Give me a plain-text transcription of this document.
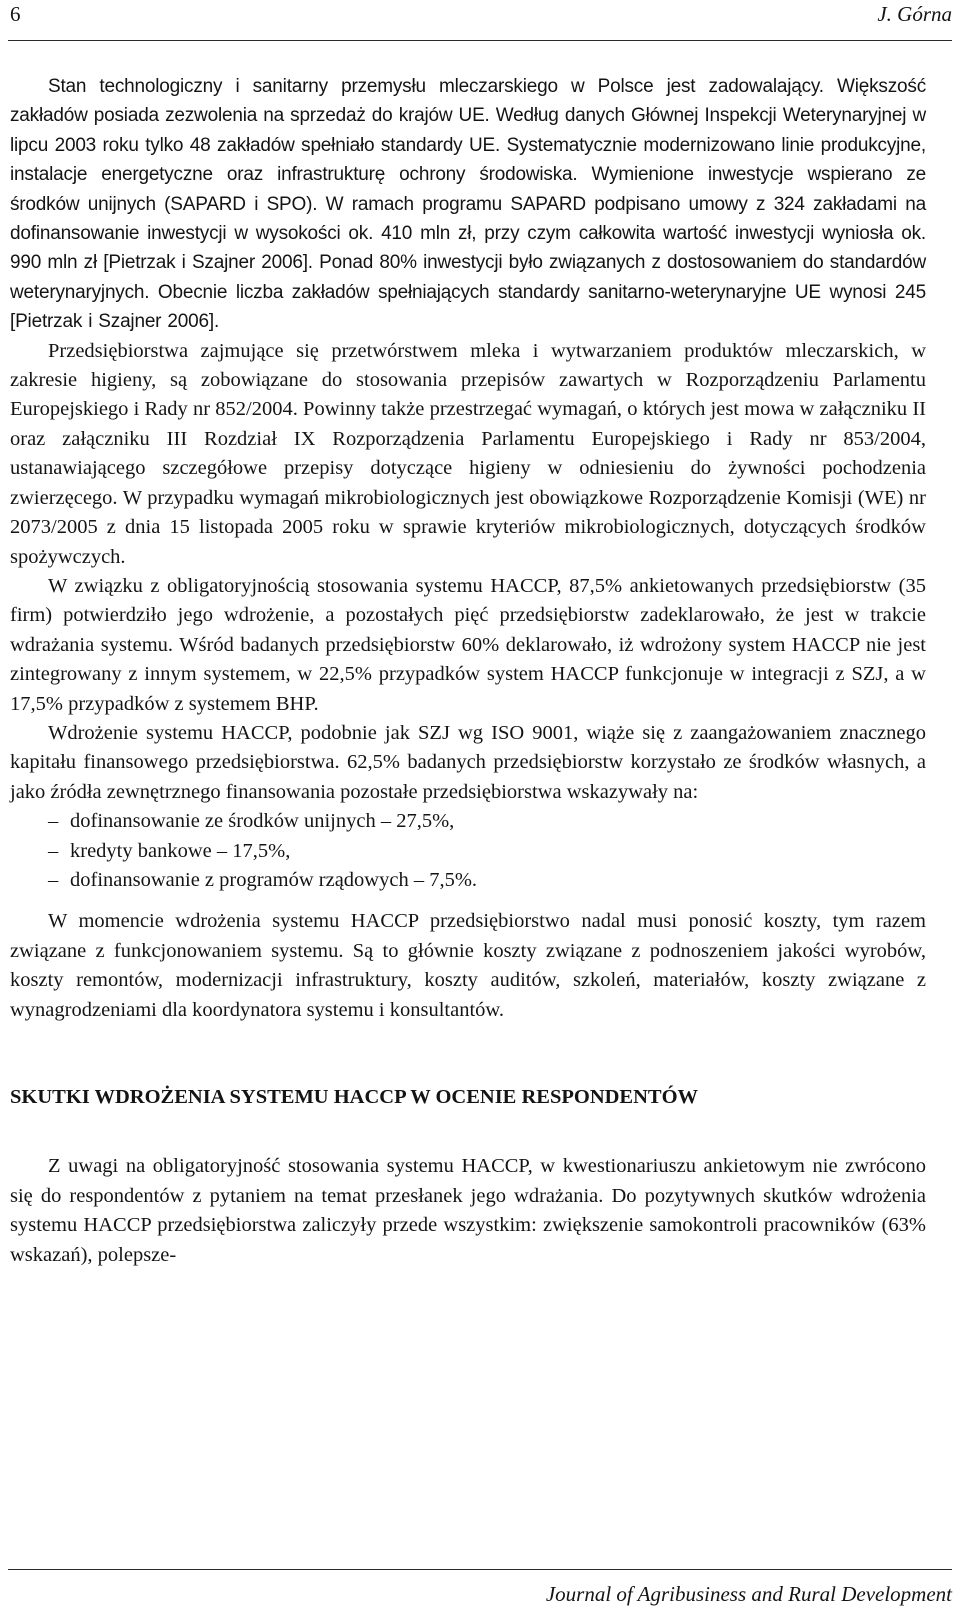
6	J. Górna

Stan technologiczny i sanitarny przemysłu mleczarskiego w Polsce jest zadowalający. Większość zakładów posiada zezwolenia na sprzedaż do krajów UE. Według danych Głównej Inspekcji Weterynaryjnej w lipcu 2003 roku tylko 48 zakładów spełniało standardy UE. Systematycznie modernizowano linie produkcyjne, instalacje energetyczne oraz infrastrukturę ochrony środowiska. Wymienione inwestycje wspierano ze środków unijnych (SAPARD i SPO). W ramach programu SAPARD podpisano umowy z 324 zakładami na dofinansowanie inwestycji w wysokości ok. 410 mln zł, przy czym całkowita wartość inwestycji wyniosła ok. 990 mln zł [Pietrzak i Szajner 2006]. Ponad 80% inwestycji było związanych z dostosowaniem do standardów weterynaryjnych. Obecnie liczba zakładów spełniających standardy sanitarno-weterynaryjne UE wynosi 245 [Pietrzak i Szajner 2006].

Przedsiębiorstwa zajmujące się przetwórstwem mleka i wytwarzaniem produktów mleczarskich, w zakresie higieny, są zobowiązane do stosowania przepisów zawartych w Rozporządzeniu Parlamentu Europejskiego i Rady nr 852/2004. Powinny także przestrzegać wymagań, o których jest mowa w załączniku II oraz załączniku III Rozdział IX Rozporządzenia Parlamentu Europejskiego i Rady nr 853/2004, ustanawiającego szczegółowe przepisy dotyczące higieny w odniesieniu do żywności pochodzenia zwierzęcego. W przypadku wymagań mikrobiologicznych jest obowiązkowe Rozporządzenie Komisji (WE) nr 2073/2005 z dnia 15 listopada 2005 roku w sprawie kryteriów mikrobiologicznych, dotyczących środków spożywczych.

W związku z obligatoryjnością stosowania systemu HACCP, 87,5% ankietowanych przedsiębiorstw (35 firm) potwierdziło jego wdrożenie, a pozostałych pięć przedsiębiorstw zadeklarowało, że jest w trakcie wdrażania systemu. Wśród badanych przedsiębiorstw 60% deklarowało, iż wdrożony system HACCP nie jest zintegrowany z innym systemem, w 22,5% przypadków system HACCP funkcjonuje w integracji z SZJ, a w 17,5% przypadków z systemem BHP.

Wdrożenie systemu HACCP, podobnie jak SZJ wg ISO 9001, wiąże się z zaangażowaniem znacznego kapitału finansowego przedsiębiorstwa. 62,5% badanych przedsiębiorstw korzystało ze środków własnych, a jako źródła zewnętrznego finansowania pozostałe przedsiębiorstwa wskazywały na:

– dofinansowanie ze środków unijnych – 27,5%,
– kredyty bankowe – 17,5%,
– dofinansowanie z programów rządowych – 7,5%.

W momencie wdrożenia systemu HACCP przedsiębiorstwo nadal musi ponosić koszty, tym razem związane z funkcjonowaniem systemu. Są to głównie koszty związane z podnoszeniem jakości wyrobów, koszty remontów, modernizacji infrastruktury, koszty auditów, szkoleń, materiałów, koszty związane z wynagrodzeniami dla koordynatora systemu i konsultantów.

SKUTKI WDROŻENIA SYSTEMU HACCP W OCENIE RESPONDENTÓW

Z uwagi na obligatoryjność stosowania systemu HACCP, w kwestionariuszu ankietowym nie zwrócono się do respondentów z pytaniem na temat przesłanek jego wdrażania. Do pozytywnych skutków wdrożenia systemu HACCP przedsiębiorstwa zaliczyły przede wszystkim: zwiększenie samokontroli pracowników (63% wskazań), polepsze-

Journal of Agribusiness and Rural Development
